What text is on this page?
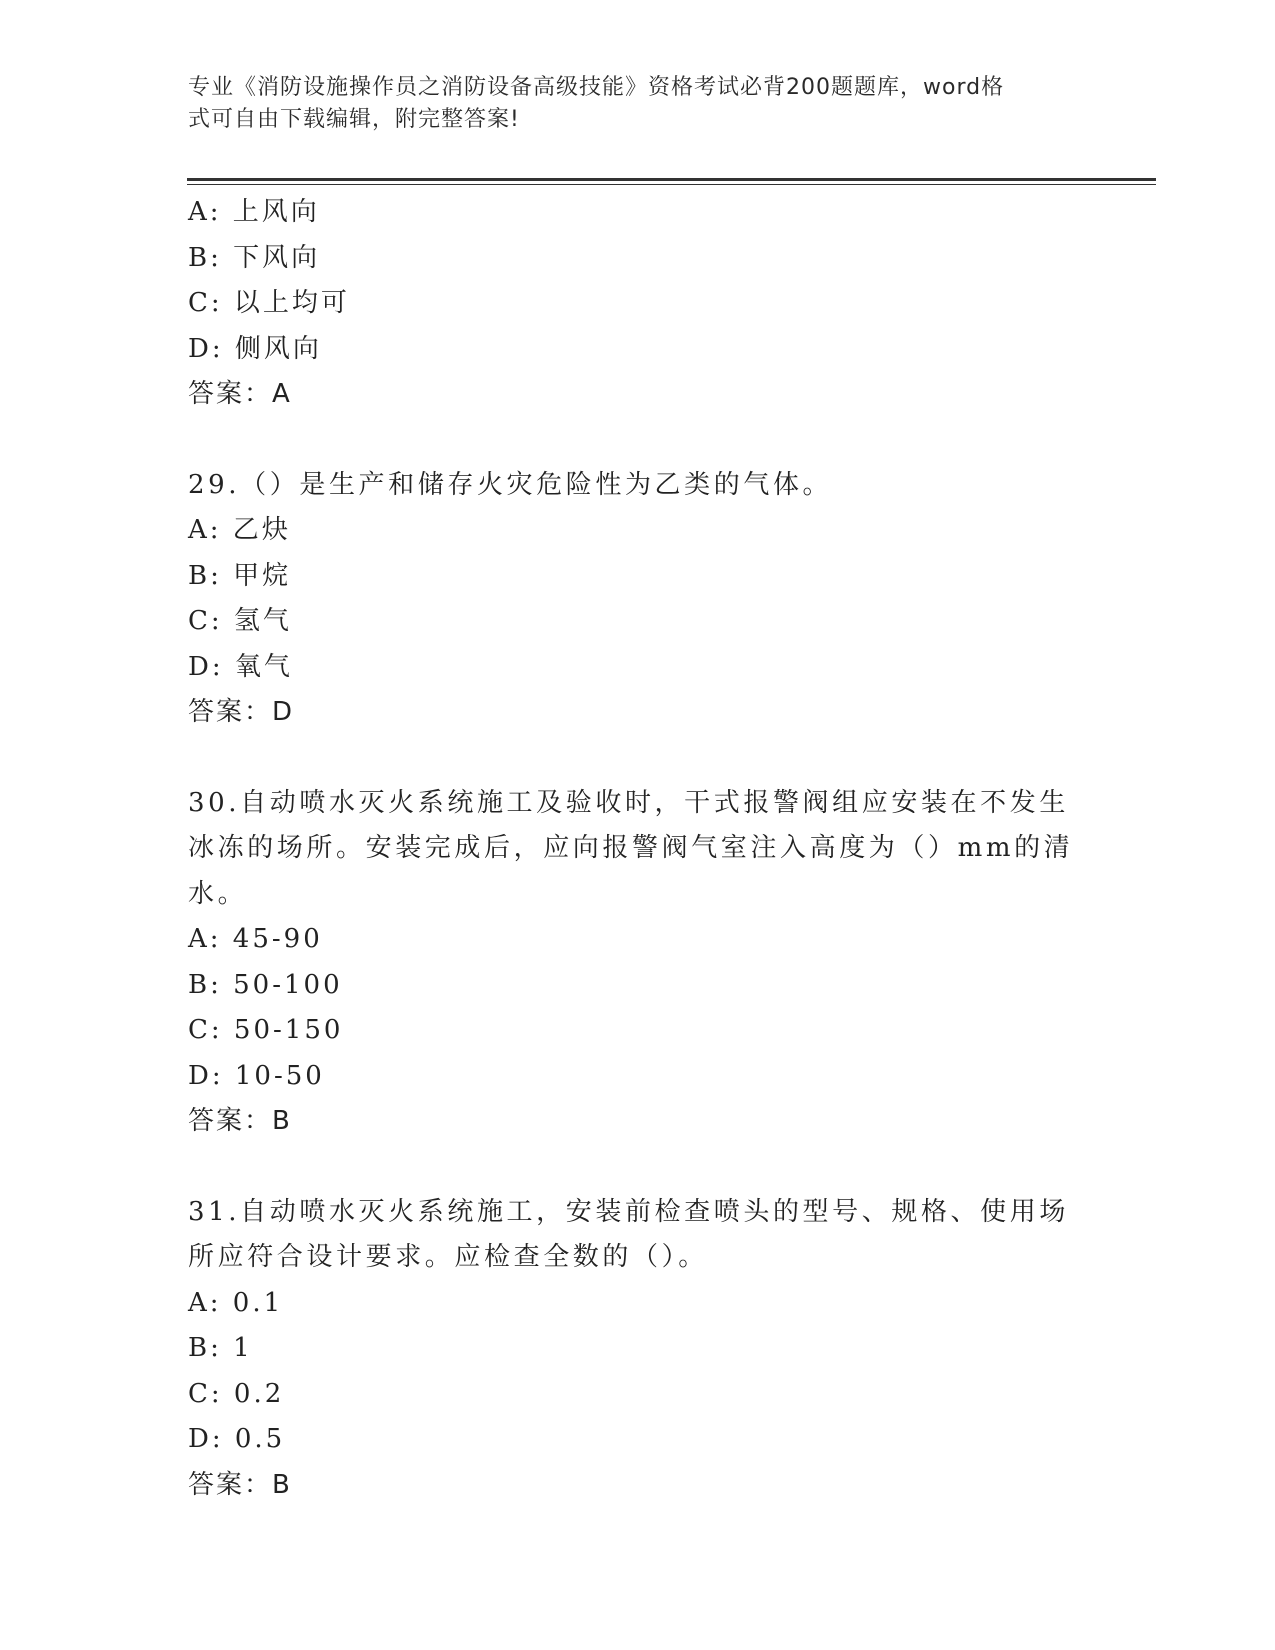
专业《消防设施操作员之消防设备高级技能》资格考试必背200题题库，word格
式可自由下载编辑，附完整答案!
A: 上风向
B: 下风向
C: 以上均可
D: 侧风向
答案：A
29.（）是生产和储存火灾危险性为乙类的气体。
A: 乙炔
B: 甲烷
C: 氢气
D: 氧气
答案：D
30.自动喷水灭火系统施工及验收时，干式报警阀组应安装在不发生冰冻的场所。安装完成后，应向报警阀气室注入高度为（）mm的清水。
A: 45-90
B: 50-100
C: 50-150
D: 10-50
答案：B
31.自动喷水灭火系统施工，安装前检查喷头的型号、规格、使用场所应符合设计要求。应检查全数的（）。
A: 0.1
B: 1
C: 0.2
D: 0.5
答案：B
